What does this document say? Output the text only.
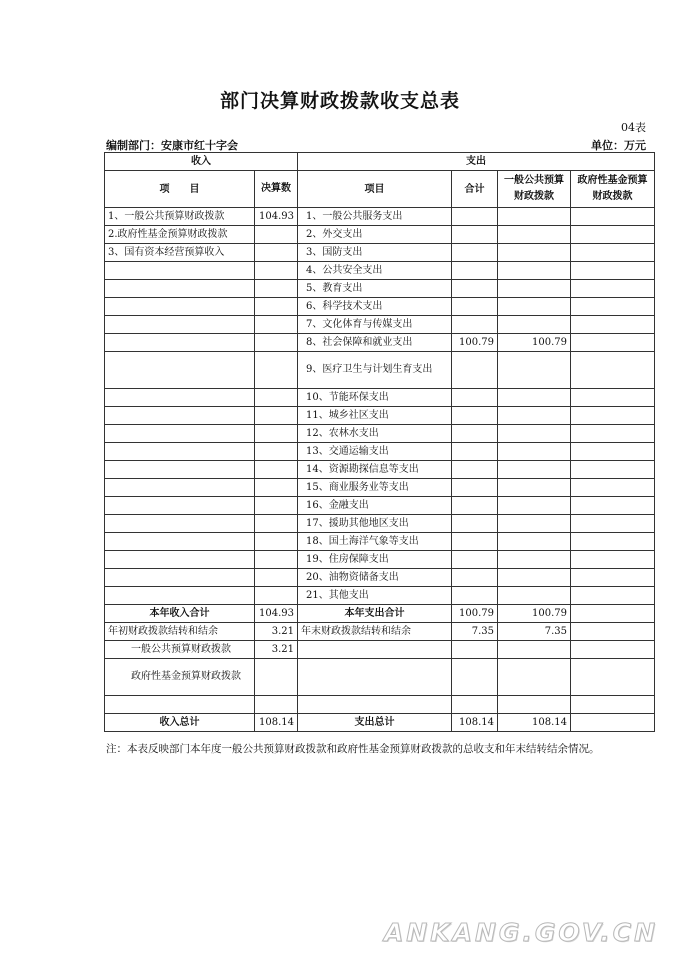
部门决算财政拨款收支总表
04表
编制部门：安康市红十字会	单位：万元
收入		支出			
项　　目	决算数	项目	合计	一般公共预算财政拨款	政府性基金预算财政拨款
1、一般公共预算财政拨款	104.93	1、一般公共服务支出			
2.政府性基金预算财政拨款		2、外交支出			
3、国有资本经营预算收入		3、国防支出			
		4、公共安全支出			
		5、教育支出			
		6、科学技术支出			
		7、文化体育与传媒支出			
		8、社会保障和就业支出	100.79	100.79	
		9、医疗卫生与计划生育支出			
		10、节能环保支出			
		11、城乡社区支出			
		12、农林水支出			
		13、交通运输支出			
		14、资源勘探信息等支出			
		15、商业服务业等支出			
		16、金融支出			
		17、援助其他地区支出			
		18、国土海洋气象等支出			
		19、住房保障支出			
		20、油物资储备支出			
		21、其他支出			
本年收入合计	104.93	本年支出合计	100.79	100.79	
年初财政拨款结转和结余	3.21	年末财政拨款结转和结余	7.35	7.35	
一般公共预算财政拨款	3.21				
政府性基金预算财政拨款					

收入总计	108.14	支出总计	108.14	108.14	
注：本表反映部门本年度一般公共预算财政拨款和政府性基金预算财政拨款的总收支和年末结转结余情况。
ANKANG.GOV.CN
